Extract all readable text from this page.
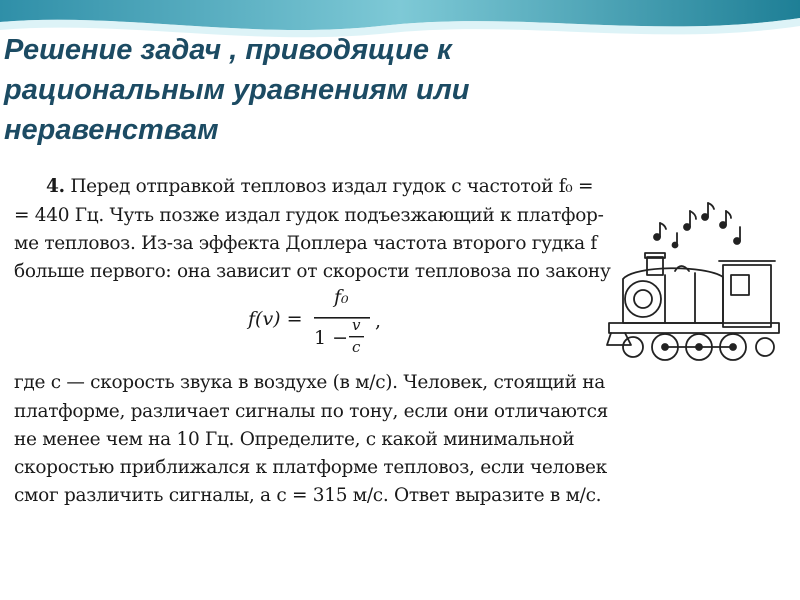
Решение задач , приводящие к
рациональным уравнениям или
неравенствам
4. Перед отправкой тепловоз издал гудок с частотой f₀ =
= 440 Гц. Чуть позже издал гудок подъезжающий к платфор-
ме тепловоз. Из-за эффекта Доплера частота второго гудка f
больше первого: она зависит от скорости тепловоза по закону
f(v) =
f₀
1 −
v
c
,
где c — скорость звука в воздухе (в м/с). Человек, стоящий на
платформе, различает сигналы по тону, если они отличаются
не менее чем на 10 Гц. Определите, с какой минимальной
скоростью приближался к платформе тепловоз, если человек
смог различить сигналы, а c = 315 м/с. Ответ выразите в м/с.
